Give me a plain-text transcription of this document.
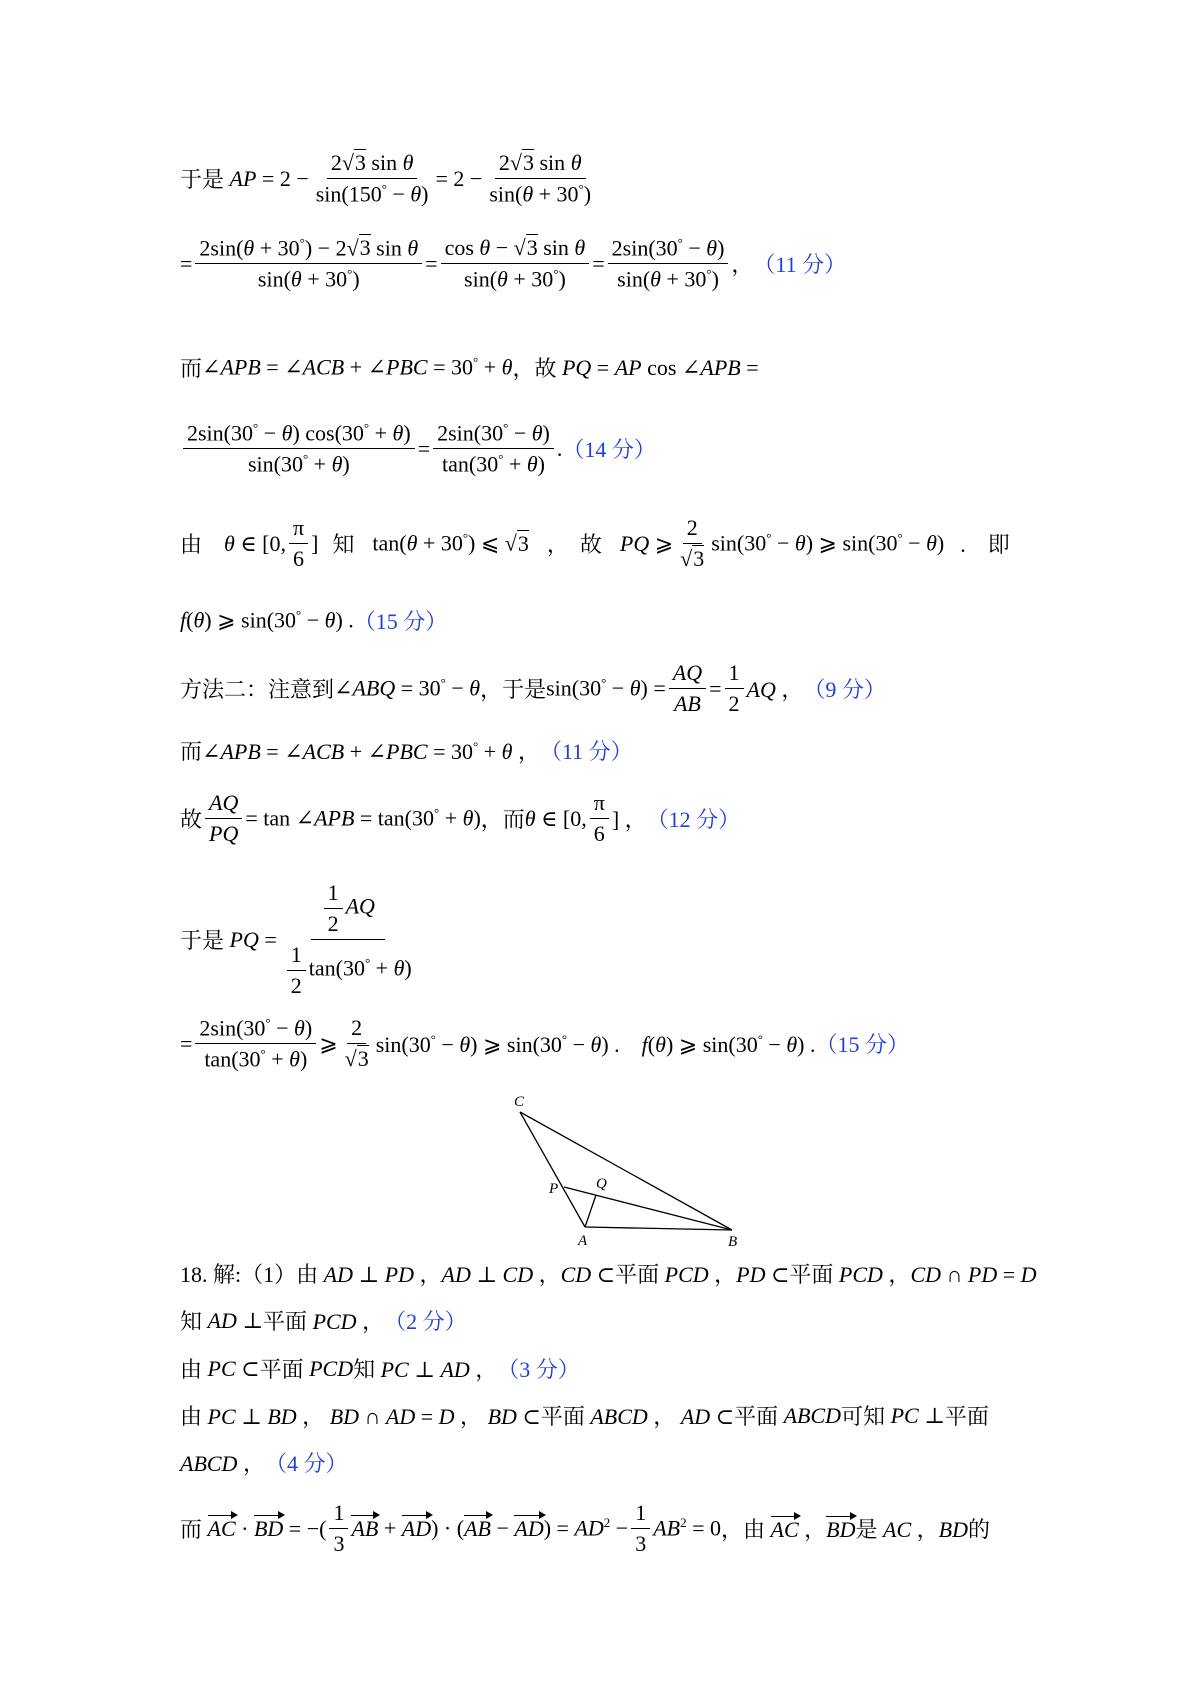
于是 AP = $2 - \frac{\text{2√3 sin θ}}{\sin(150^\circ - \theta)} = 2 - \frac{\text{2√3 sin θ}}{\sin(\theta + 30^\circ)}$
= $\frac{2\sin(\theta + 30^\circ) - 2√3 \sin \theta}{\sin(\theta + 30^\circ)} = \frac{\text{cos θ − √3 sin θ}}{\sin(\theta + 30^\circ)} = \frac{2\sin(30^\circ - \theta)}{\sin(\theta + 30^\circ)}$ ， （11 分）
而 ∠APB = ∠ACB + ∠PBC = 30° + θ ，故 PQ = AP cos ∠APB =
$\frac{2\sin(30^\circ - \theta) \cos(30^\circ + \theta)}{\sin(30^\circ + \theta)} = \frac{2\sin(30^\circ - \theta)}{\tan(30^\circ + \theta)}$ . （14 分）
由 θ ∈ [0, $\frac{\pi}{6}$ ] 知 tan(θ + 30°) ⩽ √3 ，　故 PQ ⩾ $\frac{2}{√3} \sin(30^\circ - \theta)$ ⩾ sin(30° − θ) .　即
f(θ) ⩾ sin(30° − θ) . （15 分）
方法二：注意到 ∠ABQ = 30° − θ ，于是 $\sin(30^\circ - \theta) = \frac{AQ}{AB} = \frac{1}{2}$ AQ ， （9 分）
而 ∠APB = ∠ACB + ∠PBC = 30° + θ ， （11 分）
故 $\frac{AQ}{PQ} = \tan$ ∠APB = tan(30° + θ) ，而 θ ∈ [0, $\frac{\pi}{6}$ ] ， （12 分）
于是 PQ = $\frac{\frac{1}{2} AQ}{\frac{1}{2} \tan(30^\circ + \theta)}$
= $\frac{2\sin(30^\circ - \theta)}{\tan(30^\circ + \theta)}$ ⩾ $\frac{2}{√3} \sin(30^\circ - \theta)$ ⩾ sin(30° − θ) .　f(θ) ⩾ sin(30° − θ) . （15 分）
C
P	Q
A	B
18. 解:（1）由 AD ⊥ PD ，AD ⊥ CD ，CD ⊂ 平面 PCD ，PD ⊂ 平面 PCD ，CD ∩ PD = D
知 AD ⊥ 平面 PCD ， （2 分）
由 PC ⊂ 平面 PCD 知 PC ⊥ AD ， （3 分）
由 PC ⊥ BD ， BD ∩ AD = D ， BD ⊂ 平面 ABCD ， AD ⊂ 平面 ABCD 可知 PC ⊥ 平面
ABCD ， （4 分）
而 AC · BD = −( $\frac{1}{3}$ AB + $AD) \cdot (AB - AD) = AD^2 - \frac{1}{3} AB^2 = 0$ ，由 AC ，BD 是 AC ，BD 的
